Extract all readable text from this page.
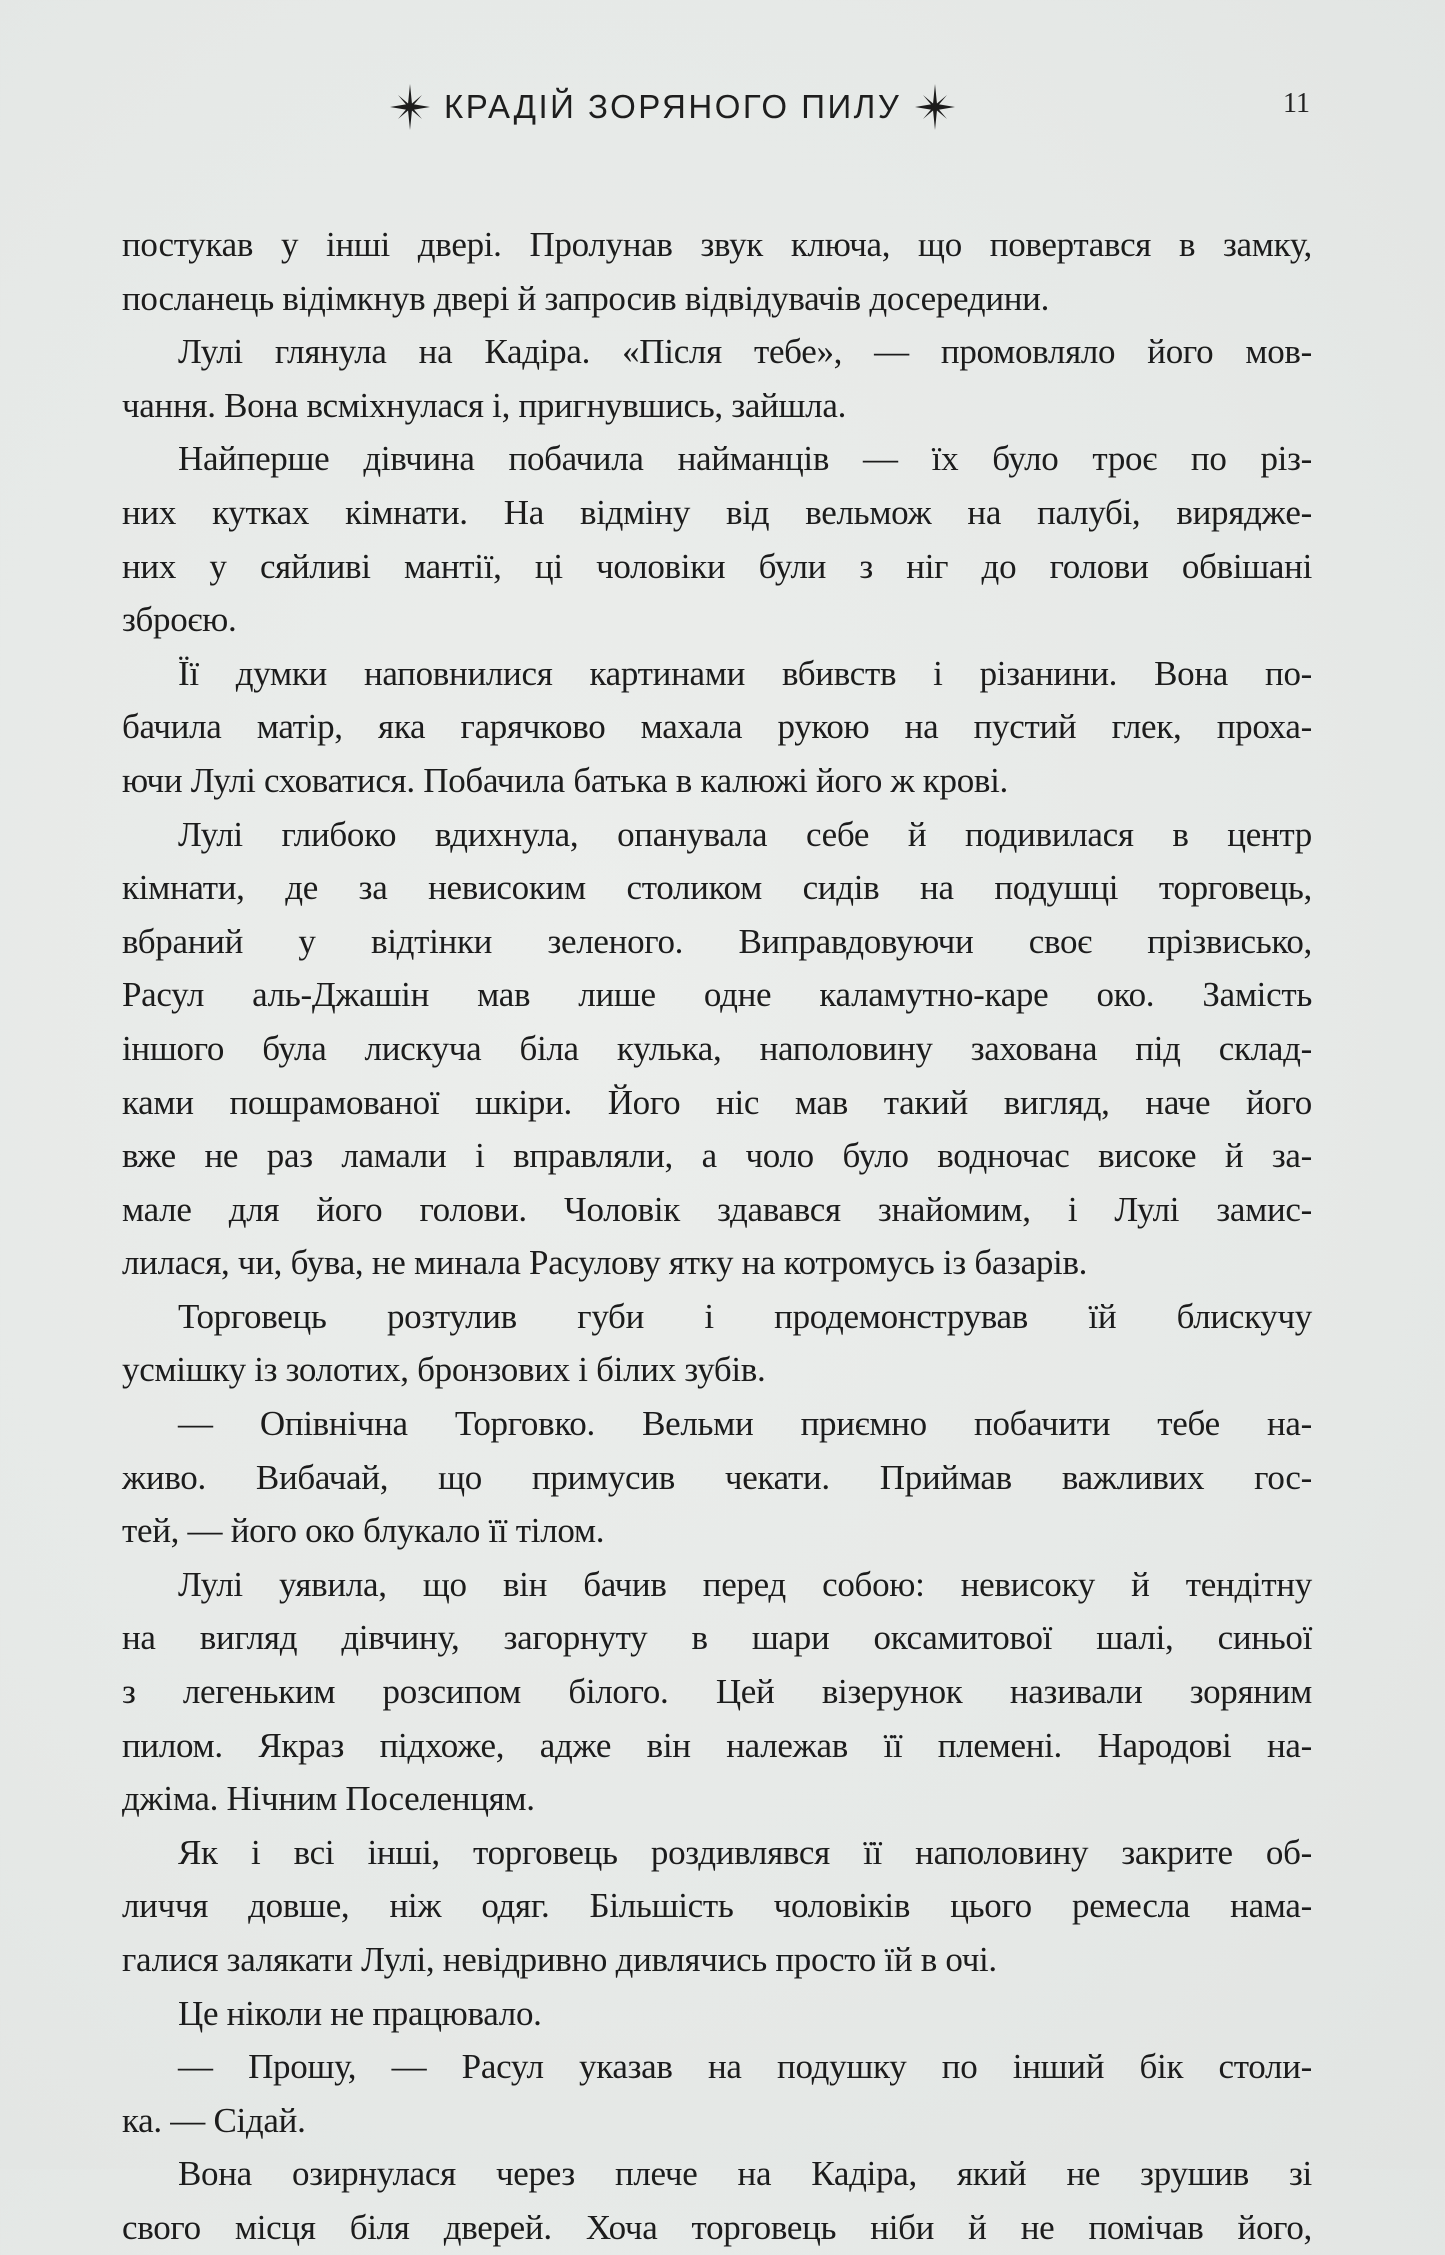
КРАДІЙ ЗОРЯНОГО ПИЛУ	11
постукав у інші двері. Пролунав звук ключа, що повертався в замку,
посланець відімкнув двері й запросив відвідувачів досередини.
Лулі глянула на Кадіра. «Після тебе», — промовляло його мов-
чання. Вона всміхнулася і, пригнувшись, зайшла.
Найперше дівчина побачила найманців — їх було троє по різ-
них кутках кімнати. На відміну від вельмож на палубі, виряджe-
них у сяйливі мантії, ці чоловіки були з ніг до голови обвішані
зброєю.
Її думки наповнилися картинами вбивств і різанини. Вона по-
бачила матір, яка гарячково махала рукою на пустий глек, проха-
ючи Лулі сховатися. Побачила батька в калюжі його ж крові.
Лулі глибоко вдихнула, опанувала себе й подивилася в центр
кімнати, де за невисоким столиком сидів на подушці торговець,
вбраний у відтінки зеленого. Виправдовуючи своє прізвисько,
Расул аль-Джашін мав лише одне каламутно-каре око. Замість
іншого була лискуча біла кулька, наполовину захована під склад-
ками пошрамованої шкіри. Його ніс мав такий вигляд, наче його
вже не раз ламали і вправляли, а чоло було водночас високе й за-
мале для його голови. Чоловік здавався знайомим, і Лулі замис-
лилася, чи, бува, не минала Расулову ятку на котромусь із базарів.
Торговець розтулив губи і продемонстрував їй блискучу
усмішку із золотих, бронзових і білих зубів.
— Опівнічна Торговко. Вельми приємно побачити тебе на-
живо. Вибачай, що примусив чекати. Приймав важливих гос-
тей, — його око блукало її тілом.
Лулі уявила, що він бачив перед собою: невисоку й тендітну
на вигляд дівчину, загорнуту в шари оксамитової шалі, синьої
з легеньким розсипом білого. Цей візерунок називали зоряним
пилом. Якраз підхоже, адже він належав її племені. Народові на-
джіма. Нічним Поселенцям.
Як і всі інші, торговець роздивлявся її наполовину закрите об-
личчя довше, ніж одяг. Більшість чоловіків цього ремесла нама-
галися залякати Лулі, невідривно дивлячись просто їй в очі.
Це ніколи не працювало.
— Прошу, — Расул указав на подушку по інший бік столи-
ка. — Сідай.
Вона озирнулася через плече на Кадіра, який не зрушив зі
свого місця біля дверей. Хоча торговець ніби й не помічав його,
